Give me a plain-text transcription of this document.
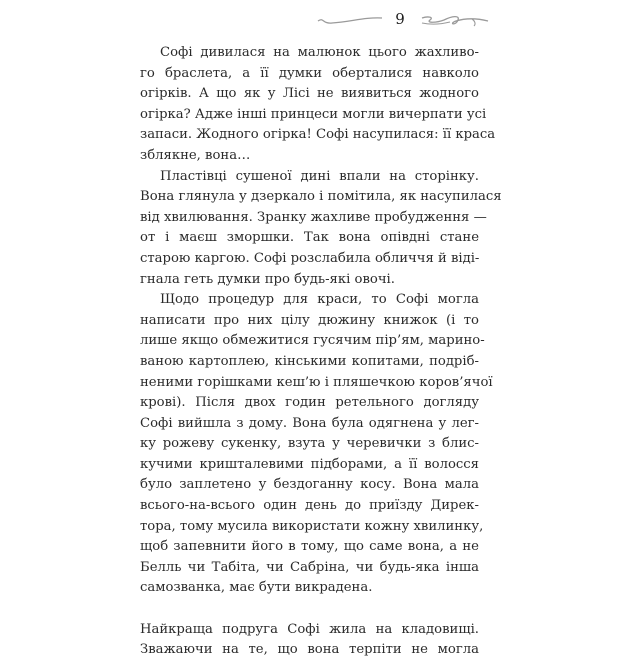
9
Софі дивилася на малюнок цього жахливо-
го браслета, а її думки оберталися навколо
огірків. А що як у Лісі не виявиться жодного
огірка? Адже інші принцеси могли вичерпати усі
запаси. Жодного огірка! Софі насупилася: її краса
зблякне, вона…
Пластівці сушеної дині впали на сторінку.
Вона глянула у дзеркало і помітила, як насупилася
від хвилювання. Зранку жахливе пробудження —
от і маєш зморшки. Так вона опівдні стане
старою каргою. Софі розслабила обличчя й віді-
гнала геть думки про будь-які овочі.
Щодо процедур для краси, то Софі могла
написати про них цілу дюжину книжок (і то
лише якщо обмежитися гусячим пір’ям, марино-
ваною картоплею, кінськими копитами, подріб-
неними горішками кеш’ю і пляшечкою коров’ячої
крові). Після двох годин ретельного догляду
Софі вийшла з дому. Вона була одягнена у лег-
ку рожеву сукенку, взута у черевички з блис-
кучими кришталевими підборами, а її волосся
було заплетено у бездоганну косу. Вона мала
всього-на-всього один день до приїзду Дирек-
тора, тому мусила використати кожну хвилинку,
щоб запевнити його в тому, що саме вона, а не
Белль чи Табіта, чи Сабріна, чи будь-яка інша
самозванка, має бути викрадена.
Найкраща подруга Софі жила на кладовищі.
Зважаючи на те, що вона терпіти не могла
